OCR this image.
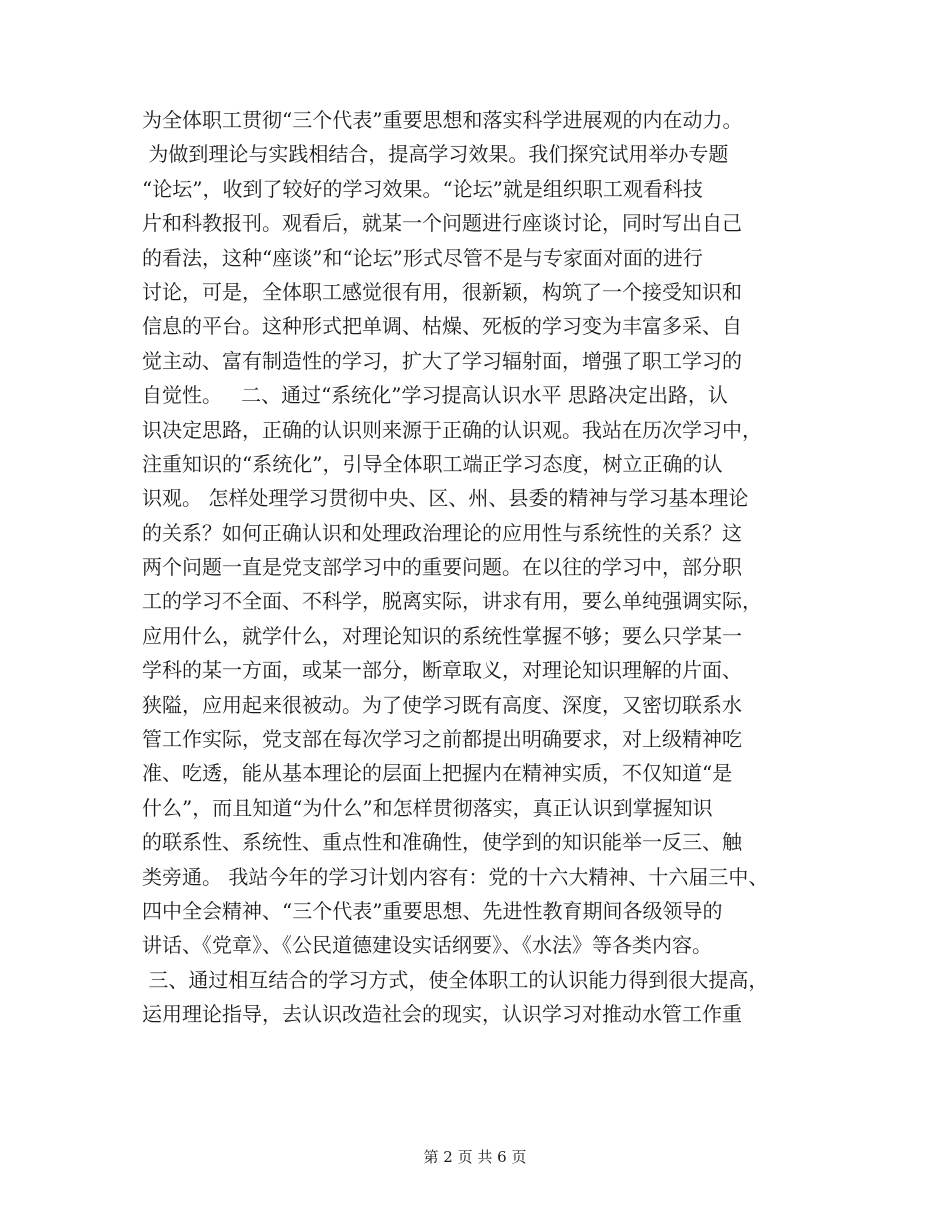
为全体职工贯彻“三个代表”重要思想和落实科学进展观的内在动力。
为做到理论与实践相结合，提高学习效果。我们探究试用举办专题
“论坛”，收到了较好的学习效果。“论坛”就是组织职工观看科技
片和科教报刊。观看后，就某一个问题进行座谈讨论，同时写出自己
的看法，这种“座谈”和“论坛”形式尽管不是与专家面对面的进行
讨论，可是，全体职工感觉很有用，很新颖，构筑了一个接受知识和
信息的平台。这种形式把单调、枯燥、死板的学习变为丰富多采、自
觉主动、富有制造性的学习，扩大了学习辐射面，增强了职工学习的
自觉性。   二、通过“系统化”学习提高认识水平 思路决定出路，认
识决定思路，正确的认识则来源于正确的认识观。我站在历次学习中，
注重知识的“系统化”，引导全体职工端正学习态度，树立正确的认
识观。 怎样处理学习贯彻中央、区、州、县委的精神与学习基本理论
的关系？如何正确认识和处理政治理论的应用性与系统性的关系？这
两个问题一直是党支部学习中的重要问题。在以往的学习中，部分职
工的学习不全面、不科学，脱离实际，讲求有用，要么单纯强调实际，
应用什么，就学什么，对理论知识的系统性掌握不够；要么只学某一
学科的某一方面，或某一部分，断章取义，对理论知识理解的片面、
狭隘，应用起来很被动。为了使学习既有高度、深度，又密切联系水
管工作实际，党支部在每次学习之前都提出明确要求，对上级精神吃
准、吃透，能从基本理论的层面上把握内在精神实质，不仅知道“是
什么”，而且知道“为什么”和怎样贯彻落实，真正认识到掌握知识
的联系性、系统性、重点性和准确性，使学到的知识能举一反三、触
类旁通。 我站今年的学习计划内容有：党的十六大精神、十六届三中、
四中全会精神、“三个代表”重要思想、先进性教育期间各级领导的
讲话、《党章》、《公民道德建设实话纲要》、《水法》等各类内容。
三、通过相互结合的学习方式，使全体职工的认识能力得到很大提高，
运用理论指导，去认识改造社会的现实，认识学习对推动水管工作重
第 2 页 共 6 页
